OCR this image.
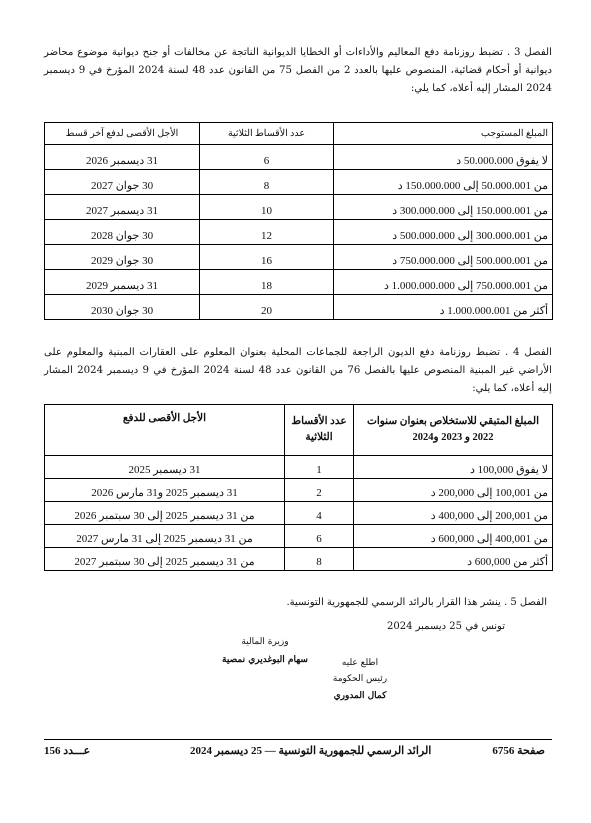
الفصل 3 . تضبط روزنامة دفع المعاليم والأداءات أو الخطايا الديوانية الناتجة عن مخالفات أو جنح ديوانية موضوع محاضر ديوانية أو أحكام قضائية، المنصوص عليها بالعدد 2 من الفصل 75 من القانون عدد 48 لسنة 2024 المؤرخ في 9 ديسمبر 2024 المشار إليه أعلاه، كما يلي:

المبلغ المستوجب	عدد الأقساط الثلاثية	الأجل الأقصى لدفع آخر قسط
لا يفوق 50.000.000 د	6	31 ديسمبر 2026
من 50.000.001 إلى 150.000.000 د	8	30 جوان 2027
من 150.000.001 إلى 300.000.000 د	10	31 ديسمبر 2027
من 300.000.001 إلى 500.000.000 د	12	30 جوان 2028
من 500.000.001 إلى 750.000.000 د	16	30 جوان 2029
من 750.000.001 إلى 1.000.000.000 د	18	31 ديسمبر 2029
أكثر من 1.000.000.001 د	20	30 جوان 2030

الفصل 4 . تضبط روزنامة دفع الديون الراجعة للجماعات المحلية بعنوان المعلوم على العقارات المبنية والمعلوم على الأراضي غير المبنية المنصوص عليها بالفصل 76 من القانون عدد 48 لسنة 2024 المؤرخ في 9 ديسمبر 2024 المشار إليه أعلاه، كما يلي:

المبلغ المتبقي للاستخلاص بعنوان سنوات 2022 و 2023 و2024	عدد الأقساط الثلاثية	الأجل الأقصى للدفع
لا يفوق 100,000 د	1	31 ديسمبر 2025
من 100,001 إلى 200,000 د	2	31 ديسمبر 2025 و31 مارس 2026
من 200,001 إلى 400,000 د	4	من 31 ديسمبر 2025 إلى 30 سبتمبر 2026
من 400,001 إلى 600,000 د	6	من 31 ديسمبر 2025 إلى 31 مارس 2027
أكثر من 600,000 د	8	من 31 ديسمبر 2025 إلى 30 سبتمبر 2027
الفصل 5 . ينشر هذا القرار بالرائد الرسمي للجمهورية التونسية.
تونس في 25 ديسمبر 2024
وزيرة المالية
سهام البوغديري نمصية	اطلع عليه
رئيس الحكومة
كمال المدوري
صفحة 6756
الرائد الرسمي للجمهورية التونسية — 25 ديسمبر 2024
عـــدد 156
